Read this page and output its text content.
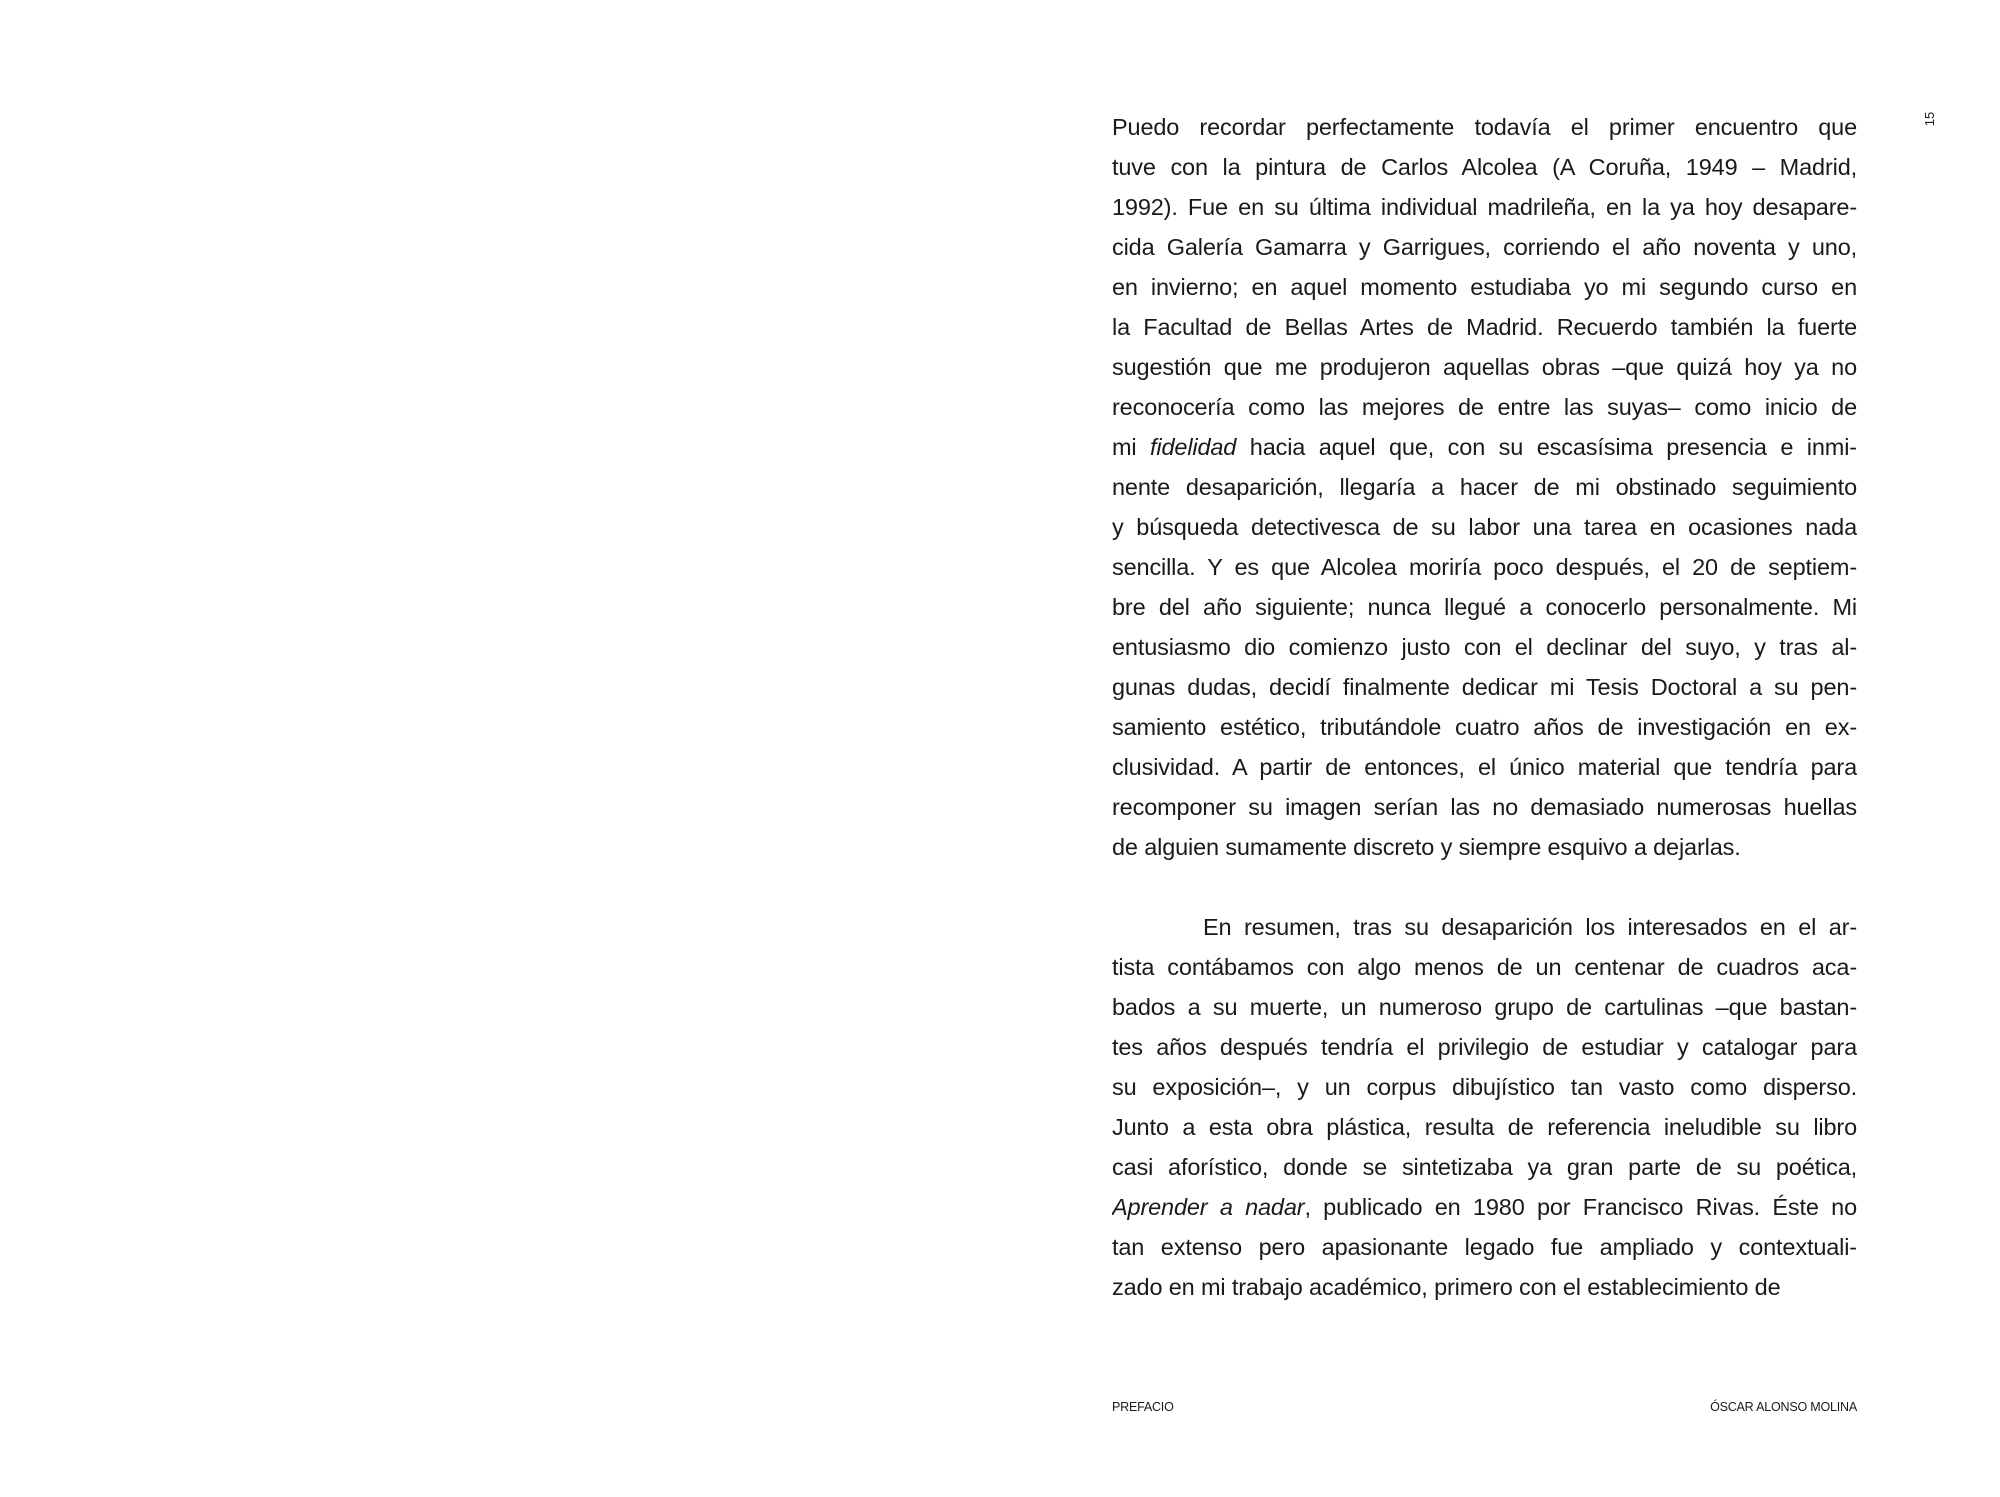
15
Puedo recordar perfectamente todavía el primer encuentro que
tuve con la pintura de Carlos Alcolea (A Coruña, 1949 – Madrid,
1992). Fue en su última individual madrileña, en la ya hoy desapare-
cida Galería Gamarra y Garrigues, corriendo el año noventa y uno,
en invierno; en aquel momento estudiaba yo mi segundo curso en
la Facultad de Bellas Artes de Madrid. Recuerdo también la fuerte
sugestión que me produjeron aquellas obras –que quizá hoy ya no
reconocería como las mejores de entre las suyas– como inicio de
mi fidelidad hacia aquel que, con su escasísima presencia e inmi-
nente desaparición, llegaría a hacer de mi obstinado seguimiento
y búsqueda detectivesca de su labor una tarea en ocasiones nada
sencilla. Y es que Alcolea moriría poco después, el 20 de septiem-
bre del año siguiente; nunca llegué a conocerlo personalmente. Mi
entusiasmo dio comienzo justo con el declinar del suyo, y tras al-
gunas dudas, decidí finalmente dedicar mi Tesis Doctoral a su pen-
samiento estético, tributándole cuatro años de investigación en ex-
clusividad. A partir de entonces, el único material que tendría para
recomponer su imagen serían las no demasiado numerosas huellas
de alguien sumamente discreto y siempre esquivo a dejarlas.
En resumen, tras su desaparición los interesados en el ar-
tista contábamos con algo menos de un centenar de cuadros aca-
bados a su muerte, un numeroso grupo de cartulinas –que bastan-
tes años después tendría el privilegio de estudiar y catalogar para
su exposición–, y un corpus dibujístico tan vasto como disperso.
Junto a esta obra plástica, resulta de referencia ineludible su libro
casi aforístico, donde se sintetizaba ya gran parte de su poética,
Aprender a nadar, publicado en 1980 por Francisco Rivas. Éste no
tan extenso pero apasionante legado fue ampliado y contextuali-
zado en mi trabajo académico, primero con el establecimiento de
PREFACIO	ÓSCAR ALONSO MOLINA
